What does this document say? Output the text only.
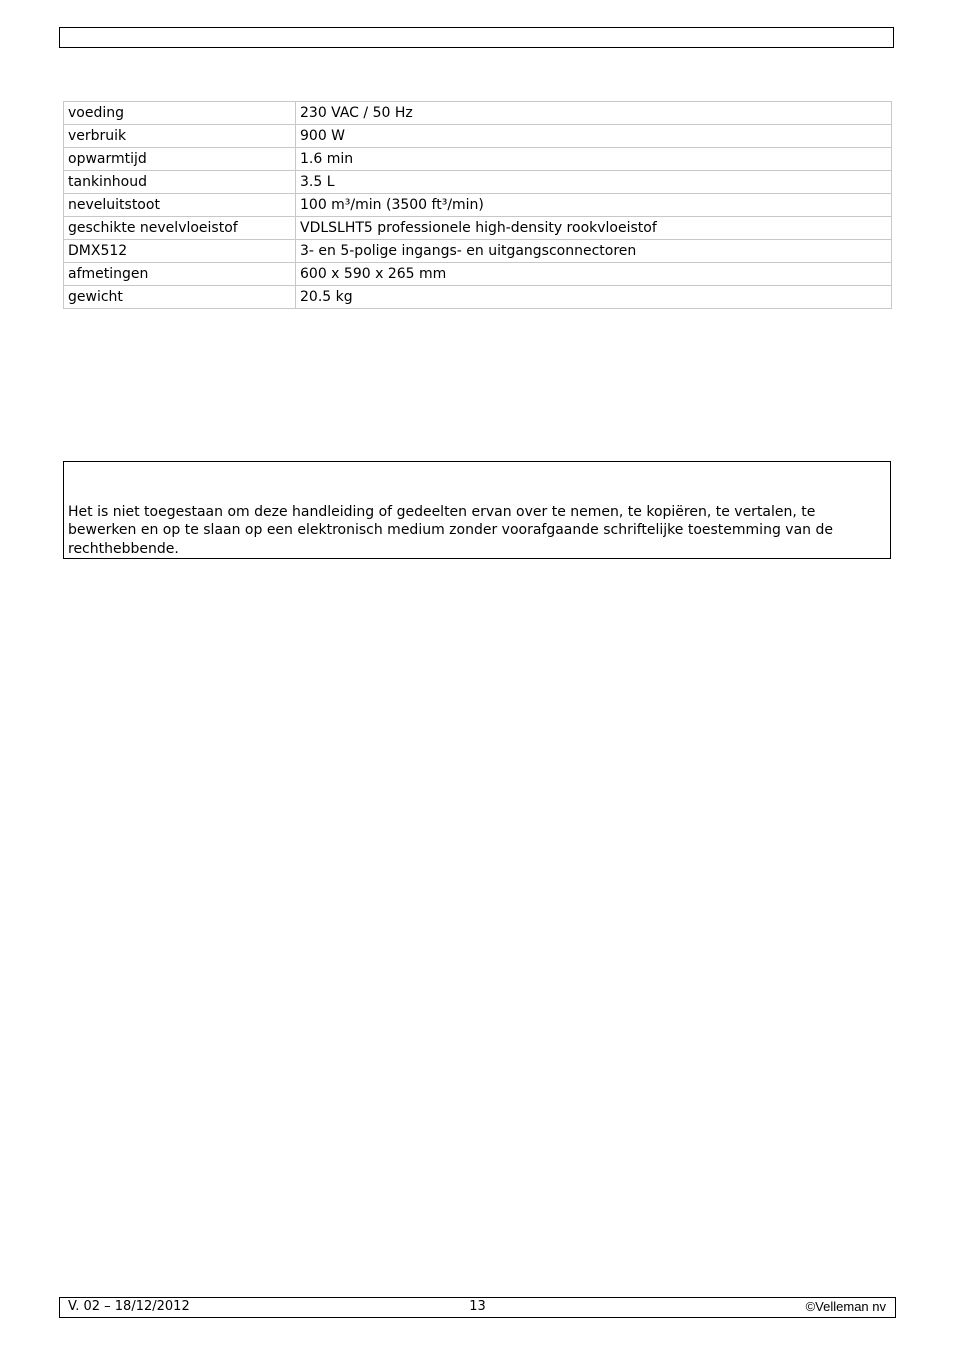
voeding	230 VAC / 50 Hz
verbruik	900 W
opwarmtijd	1.6 min
tankinhoud	3.5 L
neveluitstoot	100 m³/min (3500 ft³/min)
geschikte nevelvloeistof	VDLSLHT5 professionele high-density rookvloeistof
DMX512	3- en 5-polige ingangs- en uitgangsconnectoren
afmetingen	600 x 590 x 265 mm
gewicht	20.5 kg

Het is niet toegestaan om deze handleiding of gedeelten ervan over te nemen, te kopiëren, te vertalen, te bewerken en op te slaan op een elektronisch medium zonder voorafgaande schriftelijke toestemming van de rechthebbende.

13
V. 02 – 18/12/2012	©Velleman nv
